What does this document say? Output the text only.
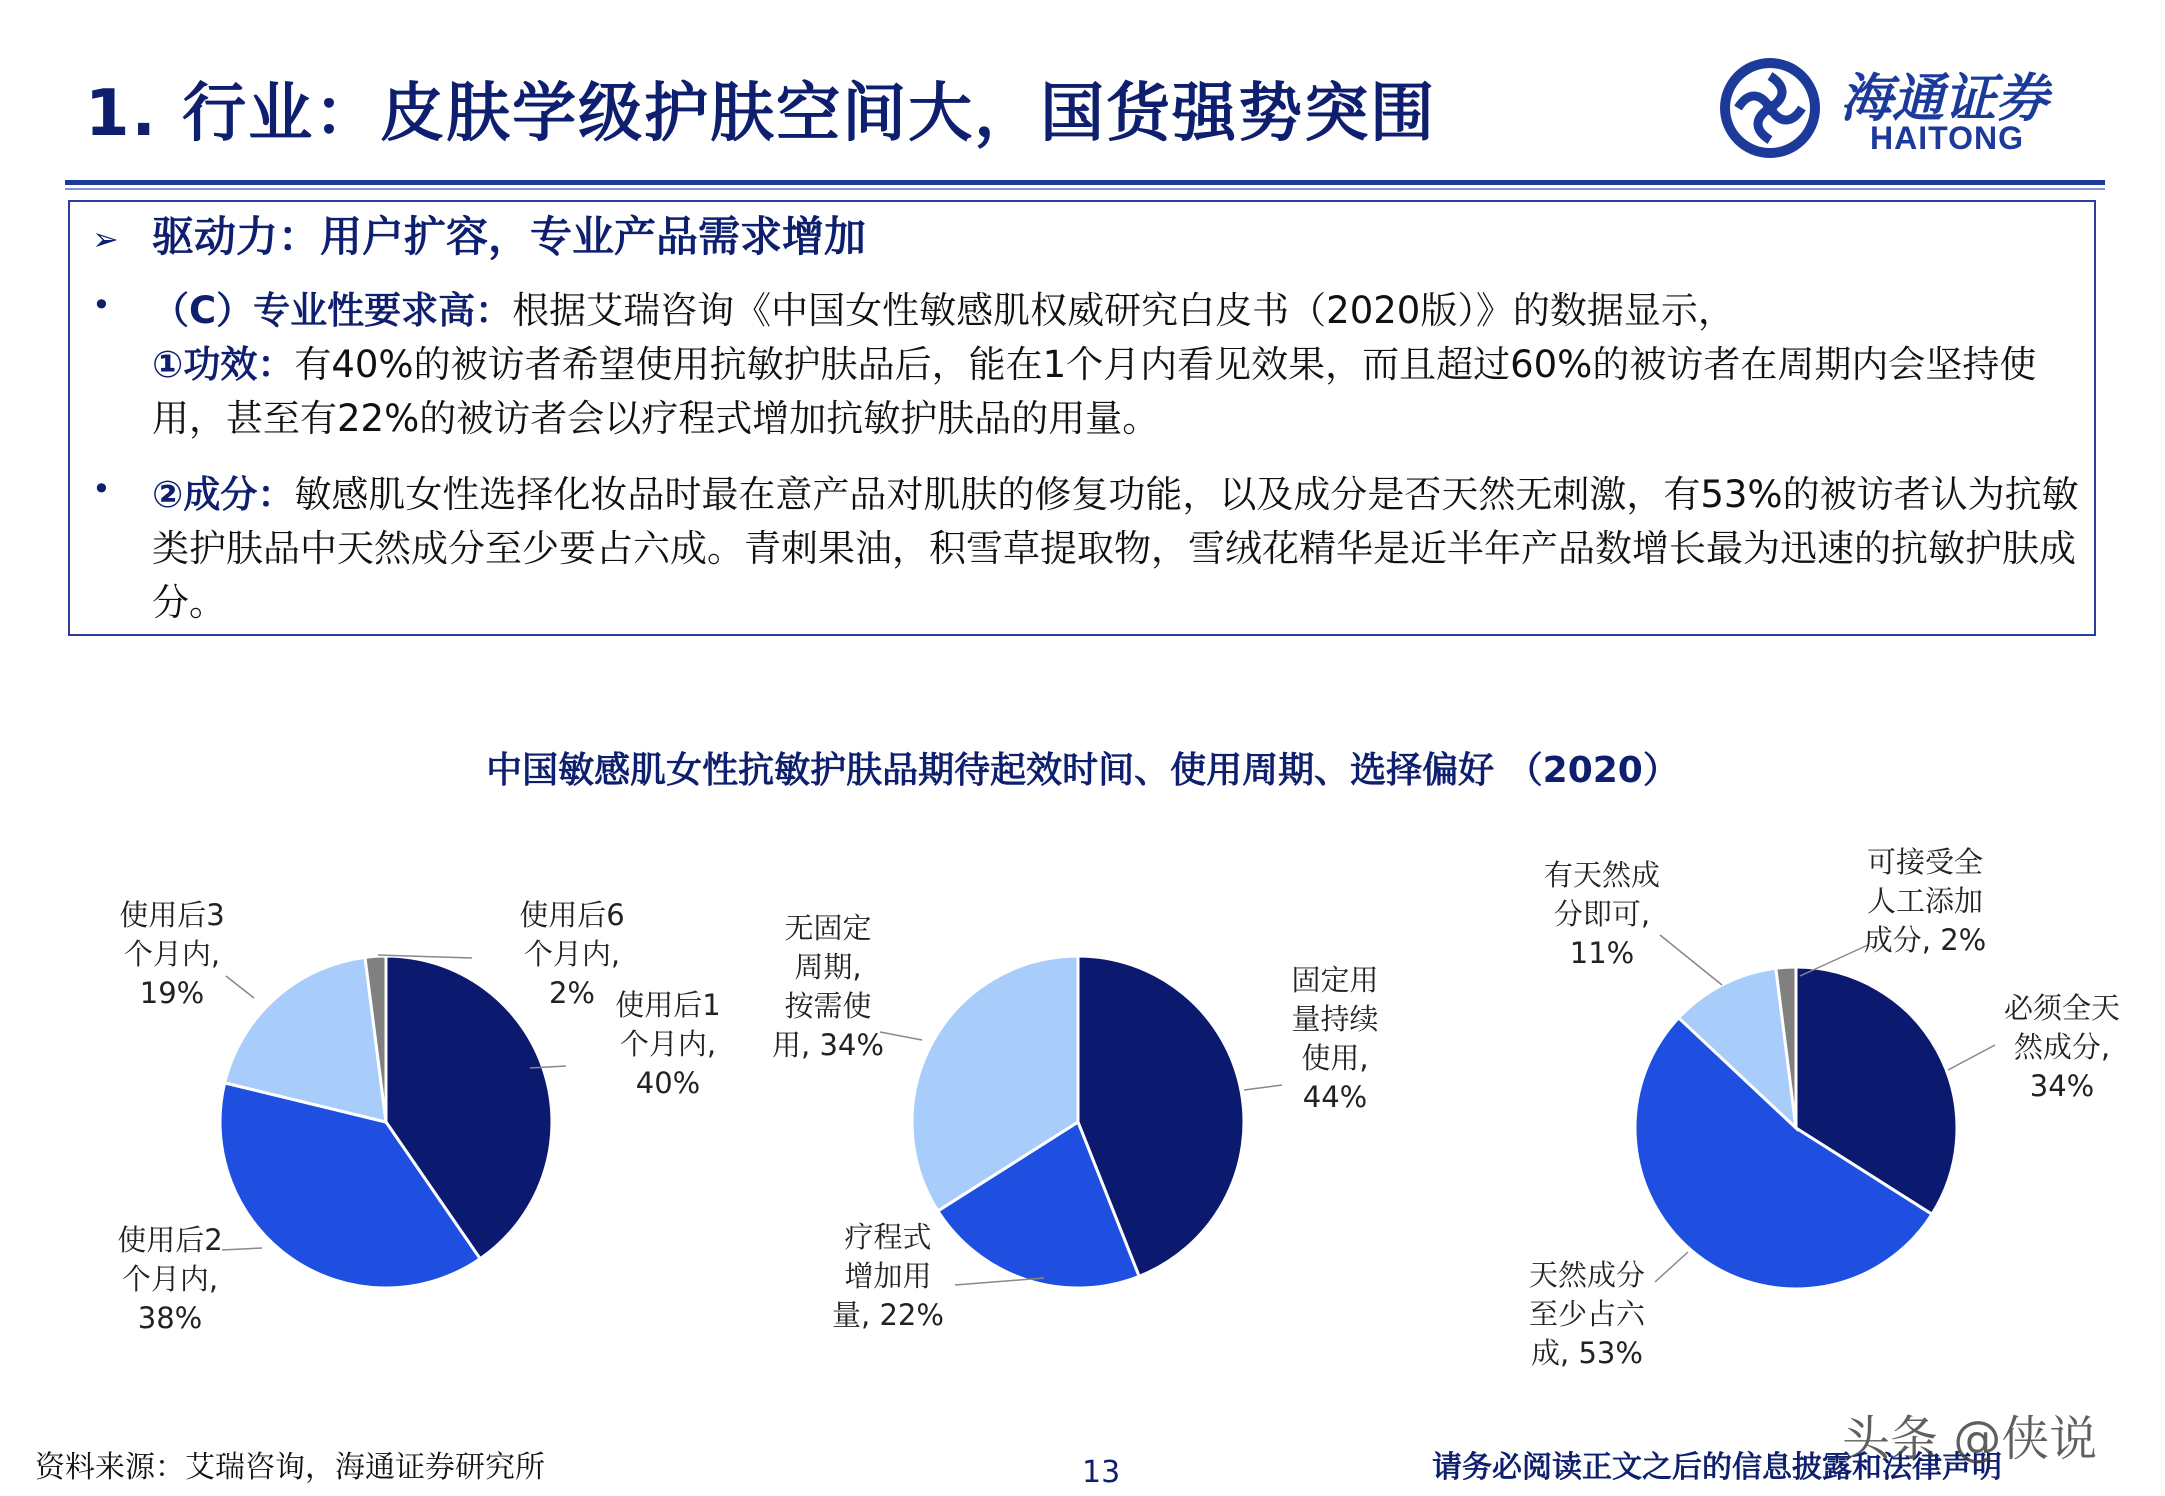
1. 行业：皮肤学级护肤空间大，国货强势突围	海通证券
HAITONG
➢ 驱动力：用户扩容，专业产品需求增加

• （C）专业性要求高：根据艾瑞咨询《中国女性敏感肌权威研究白皮书（2020版）》的数据显示，
①功效：有40%的被访者希望使用抗敏护肤品后，能在1个月内看见效果，而且超过60%的被访者在周期内会坚持使用，甚至有22%的被访者会以疗程式增加抗敏护肤品的用量。

• ②成分：敏感肌女性选择化妆品时最在意产品对肌肤的修复功能，以及成分是否天然无刺激，有53%的被访者认为抗敏类护肤品中天然成分至少要占六成。青刺果油，积雪草提取物，雪绒花精华是近半年产品数增长最为迅速的抗敏护肤成分。

中国敏感肌女性抗敏护肤品期待起效时间、使用周期、选择偏好 （2020）
使用后1 个月内, 40%
使用后2 个月内, 38%
使用后3 个月内, 19%
使用后6 个月内, 2%	固定用量持续使用, 44%
疗程式增加用量, 22%
无固定周期,按需使用, 34%
必须全天然成分, 34%
天然成分至少占六成, 53%
有天然成分即可, 11%
可接受全人工添加成分, 2%
资料来源：艾瑞咨询，海通证券研究所	13	请务必阅读正文之后的信息披露和法律声明
头条 @侠说
